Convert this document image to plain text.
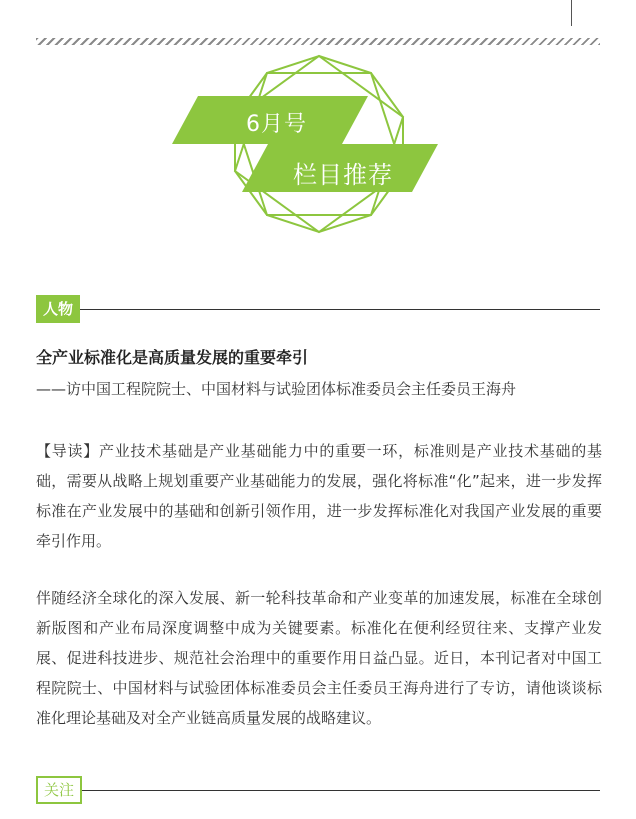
6月号
栏目推荐
人物
全产业标准化是高质量发展的重要牵引
——访中国工程院院士、中国材料与试验团体标准委员会主任委员王海舟

【导读】产业技术基础是产业基础能力中的重要一环，标准则是产业技术基础的基础，需要从战略上规划重要产业基础能力的发展，强化将标准“化”起来，进一步发挥标准在产业发展中的基础和创新引领作用，进一步发挥标准化对我国产业发展的重要牵引作用。

伴随经济全球化的深入发展、新一轮科技革命和产业变革的加速发展，标准在全球创新版图和产业布局深度调整中成为关键要素。标准化在便利经贸往来、支撑产业发展、促进科技进步、规范社会治理中的重要作用日益凸显。近日，本刊记者对中国工程院院士、中国材料与试验团体标准委员会主任委员王海舟进行了专访，请他谈谈标准化理论基础及对全产业链高质量发展的战略建议。

关注
